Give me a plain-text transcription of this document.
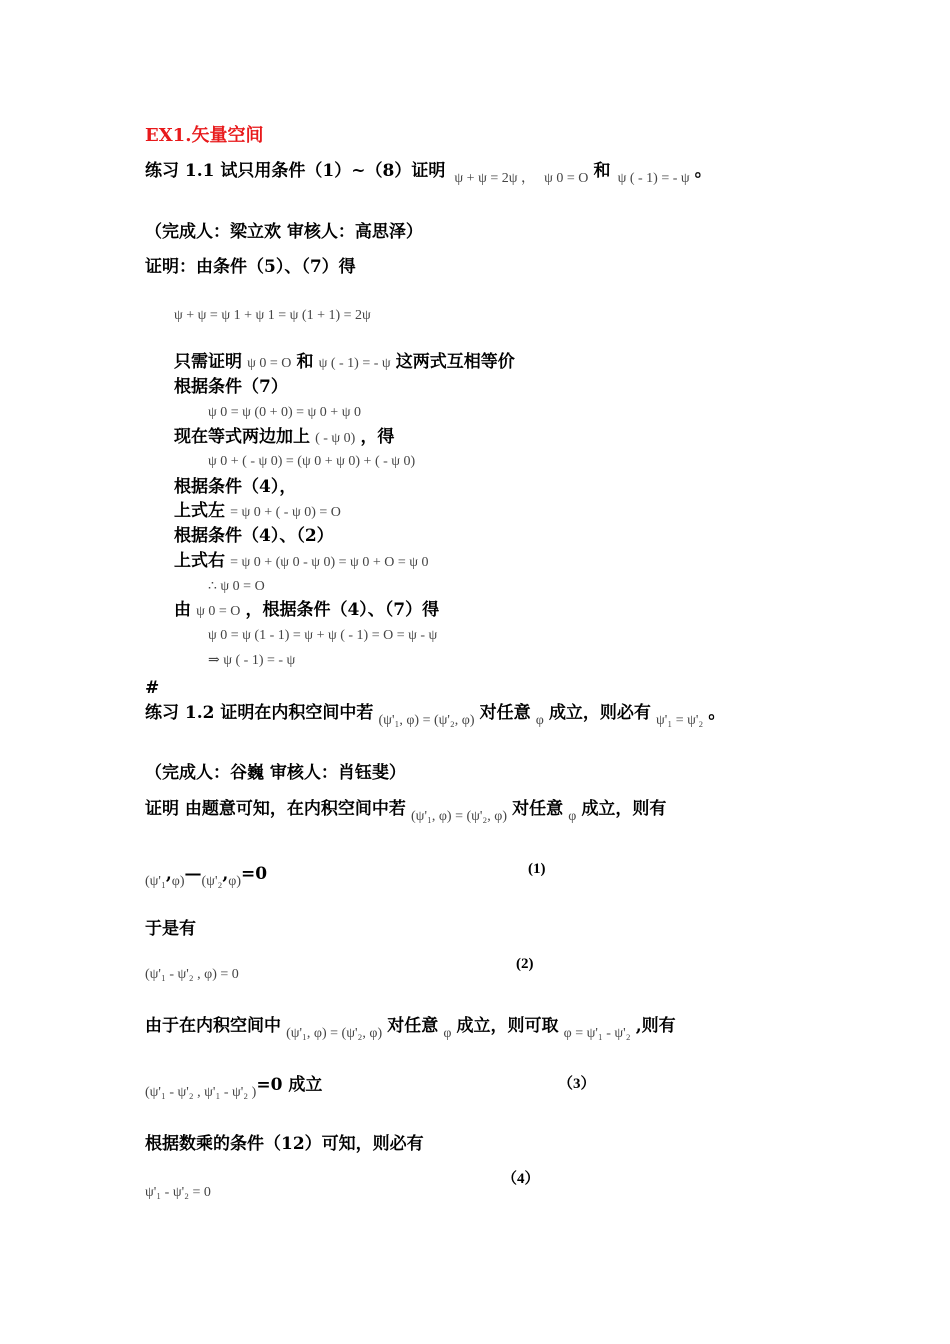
EX1.矢量空间
练习 1.1 试只用条件（1）~（8）证明 ψ + ψ = 2ψ ， ψ 0 = O 和 ψ ( - 1) = - ψ 。
（完成人：梁立欢 审核人：高思泽）
证明：由条件（5）、（7）得
ψ + ψ = ψ 1 + ψ 1 = ψ (1 + 1) = 2ψ
只需证明 ψ 0 = O 和 ψ ( - 1) = - ψ 这两式互相等价
根据条件（7）
ψ 0 = ψ (0 + 0) = ψ 0 + ψ 0
现在等式两边加上 ( - ψ 0) ，得
ψ 0 + ( - ψ 0) = (ψ 0 + ψ 0) + ( - ψ 0)
根据条件（4），
上式左 = ψ 0 + ( - ψ 0) = O
根据条件（4）、（2）
上式右 = ψ 0 + (ψ 0 - ψ 0) = ψ 0 + O = ψ 0
∴ ψ 0 = O
由 ψ 0 = O ，根据条件（4）、（7）得
ψ 0 = ψ (1 - 1) = ψ + ψ ( - 1) = O = ψ - ψ
⇒ ψ ( - 1) = - ψ
#
练习 1.2 证明在内积空间中若 (ψ'₁, φ) = (ψ'₂, φ) 对任意 φ 成立，则必有 ψ'₁ = ψ'₂ 。
（完成人：谷巍 审核人：肖钰斐）
证明 由题意可知，在内积空间中若 (ψ'₁, φ) = (ψ'₂, φ) 对任意 φ 成立，则有
(ψ'₁,φ)—(ψ'₂,φ)=0	(1)
于是有
(ψ'₁ - ψ'₂ , φ) = 0
(2)
由于在内积空间中 (ψ'₁, φ) = (ψ'₂, φ) 对任意 φ 成立，则可取 φ = ψ'₁ - ψ'₂ ,则有
(ψ'₁ - ψ'₂ , ψ'₁ - ψ'₂ )=0 成立	（3）
根据数乘的条件（12）可知，则必有
（4）
ψ'₁ - ψ'₂ = 0
